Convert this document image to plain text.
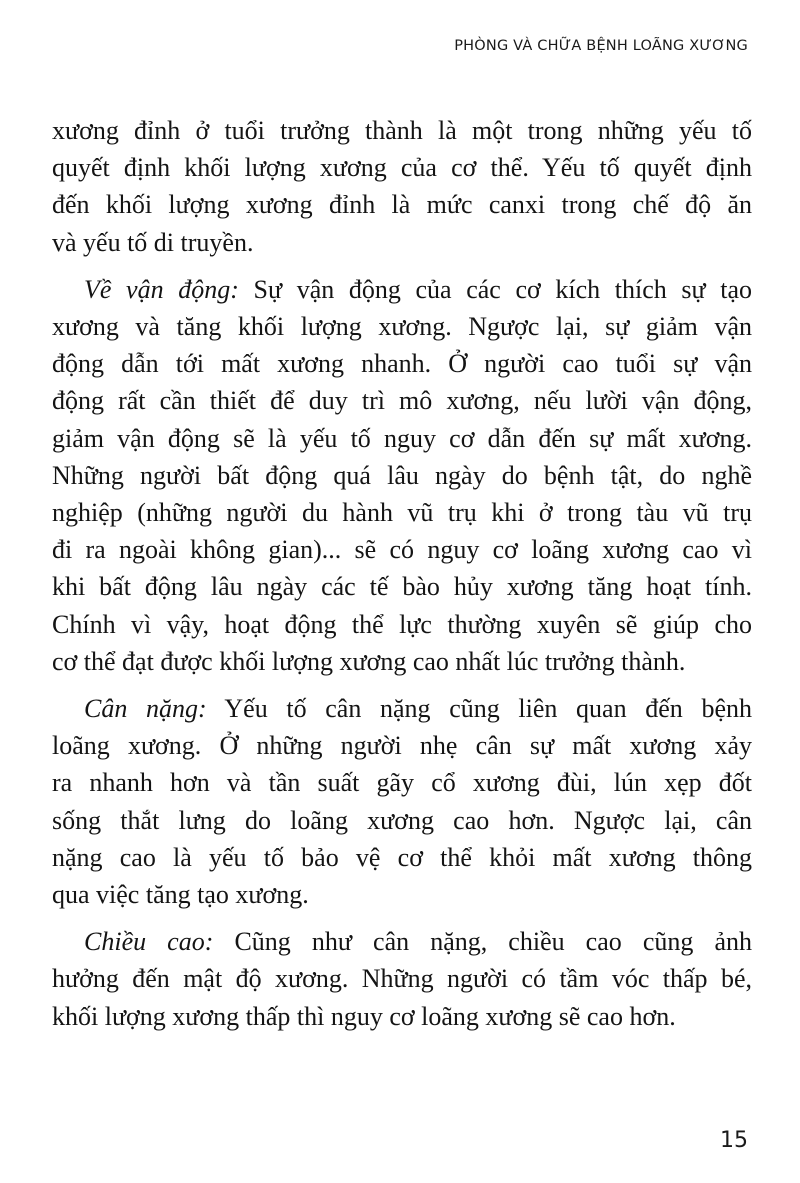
PHÒNG VÀ CHỮA BỆNH LOÃNG XƯƠNG

xương đỉnh ở tuổi trưởng thành là một trong những yếu tố
quyết định khối lượng xương của cơ thể. Yếu tố quyết định
đến khối lượng xương đỉnh là mức canxi trong chế độ ăn
và yếu tố di truyền.

Về vận động: Sự vận động của các cơ kích thích sự tạo
xương và tăng khối lượng xương. Ngược lại, sự giảm vận
động dẫn tới mất xương nhanh. Ở người cao tuổi sự vận
động rất cần thiết để duy trì mô xương, nếu lười vận động,
giảm vận động sẽ là yếu tố nguy cơ dẫn đến sự mất xương.
Những người bất động quá lâu ngày do bệnh tật, do nghề
nghiệp (những người du hành vũ trụ khi ở trong tàu vũ trụ
đi ra ngoài không gian)... sẽ có nguy cơ loãng xương cao vì
khi bất động lâu ngày các tế bào hủy xương tăng hoạt tính.
Chính vì vậy, hoạt động thể lực thường xuyên sẽ giúp cho
cơ thể đạt được khối lượng xương cao nhất lúc trưởng thành.

Cân nặng: Yếu tố cân nặng cũng liên quan đến bệnh
loãng xương. Ở những người nhẹ cân sự mất xương xảy
ra nhanh hơn và tần suất gãy cổ xương đùi, lún xẹp đốt
sống thắt lưng do loãng xương cao hơn. Ngược lại, cân
nặng cao là yếu tố bảo vệ cơ thể khỏi mất xương thông
qua việc tăng tạo xương.

Chiều cao: Cũng như cân nặng, chiều cao cũng ảnh
hưởng đến mật độ xương. Những người có tầm vóc thấp bé,
khối lượng xương thấp thì nguy cơ loãng xương sẽ cao hơn.

15
